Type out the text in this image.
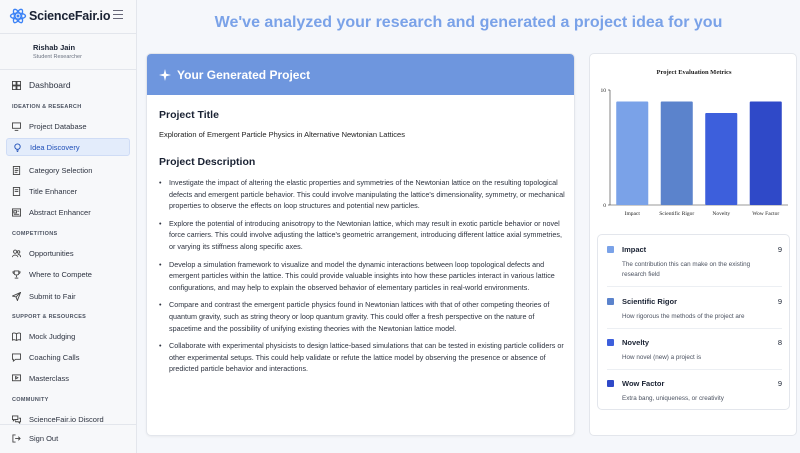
ScienceFair.io
Rishab Jain
Student Researcher
Dashboard
IDEATION & RESEARCH
Project Database
Idea Discovery
Category Selection
Title Enhancer
Abstract Enhancer
COMPETITIONS
Opportunities
Where to Compete
Submit to Fair
SUPPORT & RESOURCES
Mock Judging
Coaching Calls
Masterclass
COMMUNITY
ScienceFair.io Discord
Sign Out
We've analyzed your research and generated a project idea for you
Your Generated Project
Project Title
Exploration of Emergent Particle Physics in Alternative Newtonian Lattices
Project Description
• Investigate the impact of altering the elastic properties and symmetries of the Newtonian lattice on the resulting topological defects and emergent particle behavior. This could involve manipulating the lattice's dimensionality, symmetry, or mechanical properties to observe the effects on loop structures and potential new particles.
• Explore the potential of introducing anisotropy to the Newtonian lattice, which may result in exotic particle behavior or novel force carriers. This could involve adjusting the lattice's geometric arrangement, introducing different lattice axial symmetries, or varying its stiffness along specific axes.
• Develop a simulation framework to visualize and model the dynamic interactions between loop topological defects and emergent particles within the lattice. This could provide valuable insights into how these particles interact in various lattice configurations, and may help to explain the observed behavior of elementary particles in real-world environments.
• Compare and contrast the emergent particle physics found in Newtonian lattices with that of other competing theories of quantum gravity, such as string theory or loop quantum gravity. This could offer a fresh perspective on the nature of spacetime and the possibility of unifying existing theories with the Newtonian lattice model.
• Collaborate with experimental physicists to design lattice-based simulations that can be tested in existing particle colliders or other experimental setups. This could help validate or refute the lattice model by observing the presence or absence of predicted particle behavior and interactions.
Project Evaluation Metrics
0
10
Impact	Scientific Rigor	Novelty	Wow Factor
Impact	9
The contribution this can make on the existing research field
Scientific Rigor	9
How rigorous the methods of the project are
Novelty	8
How novel (new) a project is
Wow Factor	9
Extra bang, uniqueness, or creativity
